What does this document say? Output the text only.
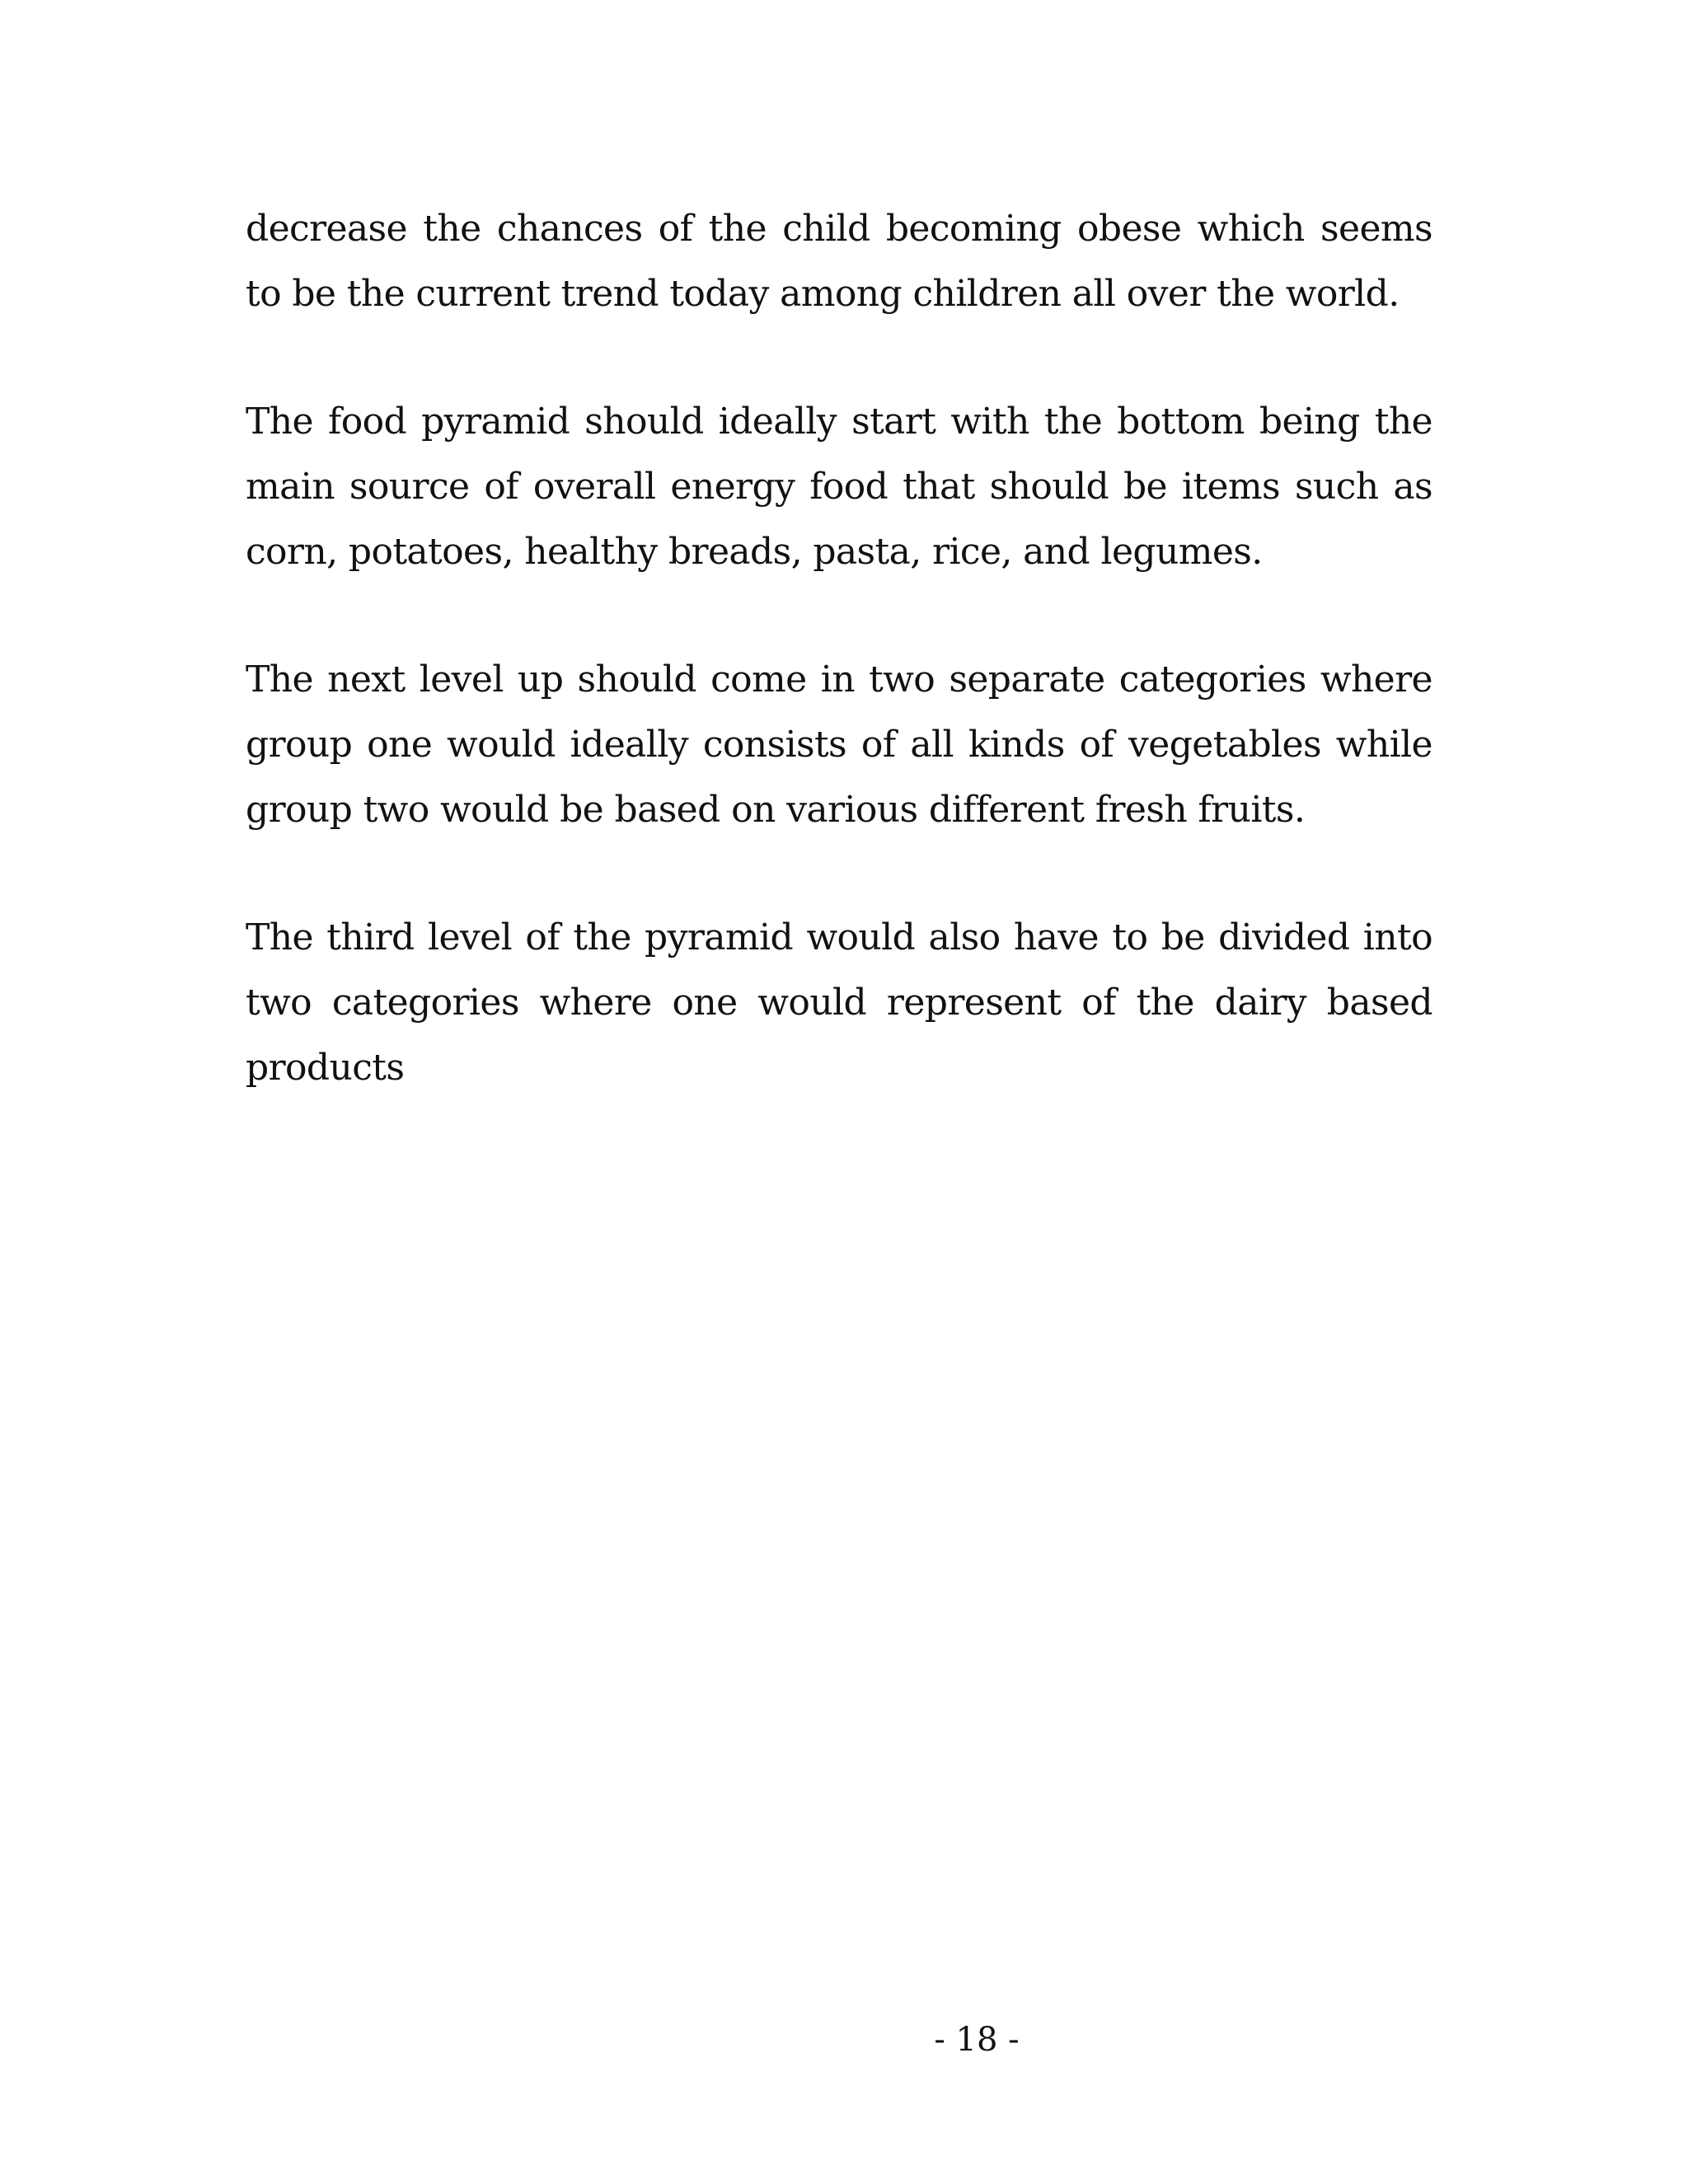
decrease the chances of the child becoming obese which seems to be the current trend today among children all over the world.

The food pyramid should ideally start with the bottom being the main source of overall energy food that should be items such as corn, potatoes, healthy breads, pasta, rice, and legumes.

The next level up should come in two separate categories where group one would ideally consists of all kinds of vegetables while group two would be based on various different fresh fruits.

The third level of the pyramid would also have to be divided into two categories where one would represent of the dairy based products

- 18 -
